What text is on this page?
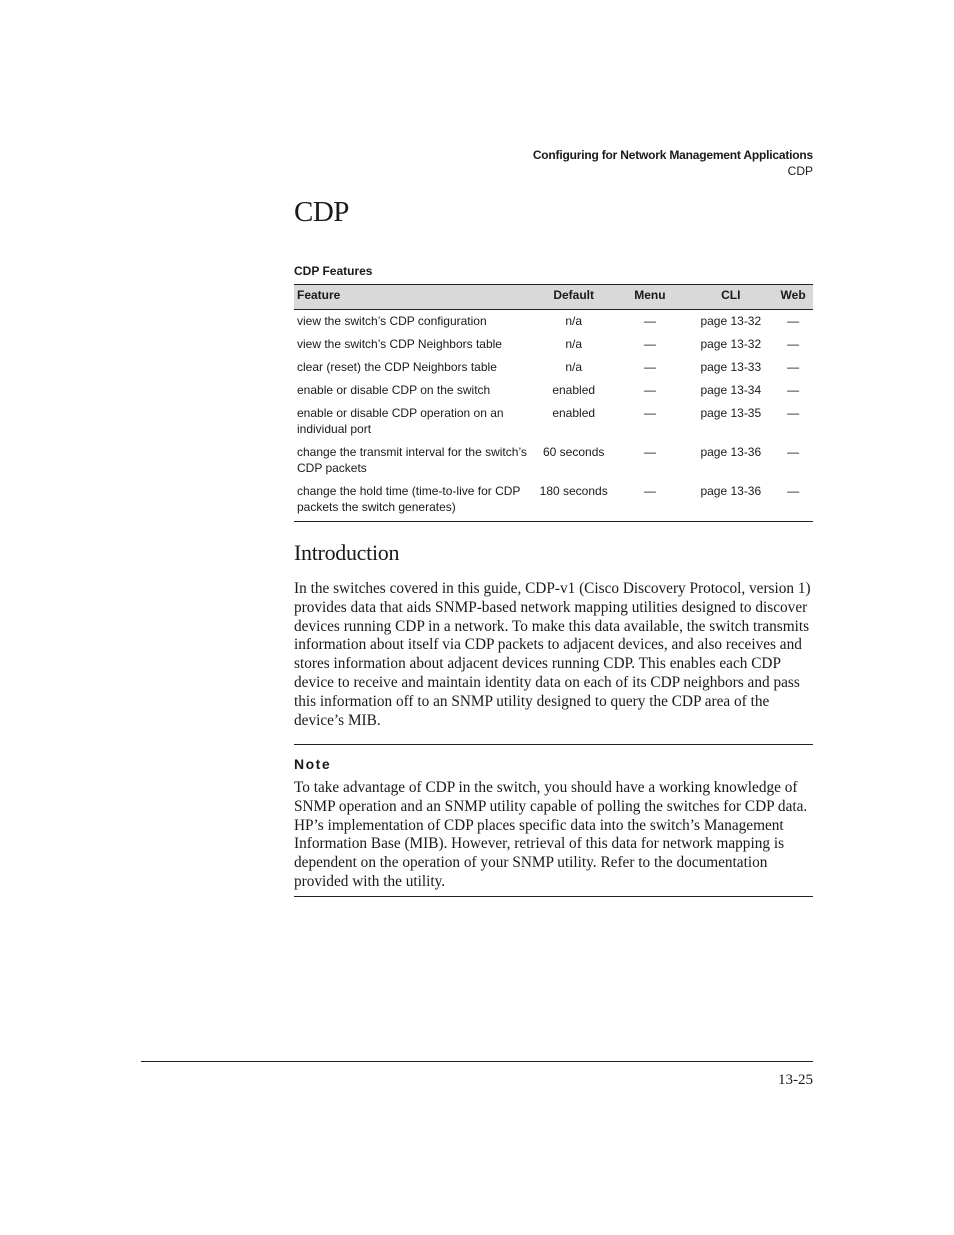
Configuring for Network Management Applications
CDP
CDP
CDP Features
Feature	Default	Menu	CLI	Web
view the switch’s CDP configuration	n/a	—	page 13-32	—
view the switch’s CDP Neighbors table	n/a	—	page 13-32	—
clear (reset) the CDP Neighbors table	n/a	—	page 13-33	—
enable or disable CDP on the switch	enabled	—	page 13-34	—
enable or disable CDP operation on an individual port	enabled	—	page 13-35	—
change the transmit interval for the switch’s CDP packets	60 seconds	—	page 13-36	—
change the hold time (time-to-live for CDP packets the switch generates)	180 seconds	—	page 13-36	—
Introduction

In the switches covered in this guide, CDP-v1 (Cisco Discovery Protocol, version 1) provides data that aids SNMP-based network mapping utilities designed to discover devices running CDP in a network. To make this data available, the switch transmits information about itself via CDP packets to adjacent devices, and also receives and stores information about adjacent devices running CDP. This enables each CDP device to receive and maintain identity data on each of its CDP neighbors and pass this information off to an SNMP utility designed to query the CDP area of the device’s MIB.

Note

To take advantage of CDP in the switch, you should have a working knowledge of SNMP operation and an SNMP utility capable of polling the switches for CDP data. HP’s implementation of CDP places specific data into the switch’s Management Information Base (MIB). However, retrieval of this data for network mapping is dependent on the operation of your SNMP utility. Refer to the documentation provided with the utility.

13-25
